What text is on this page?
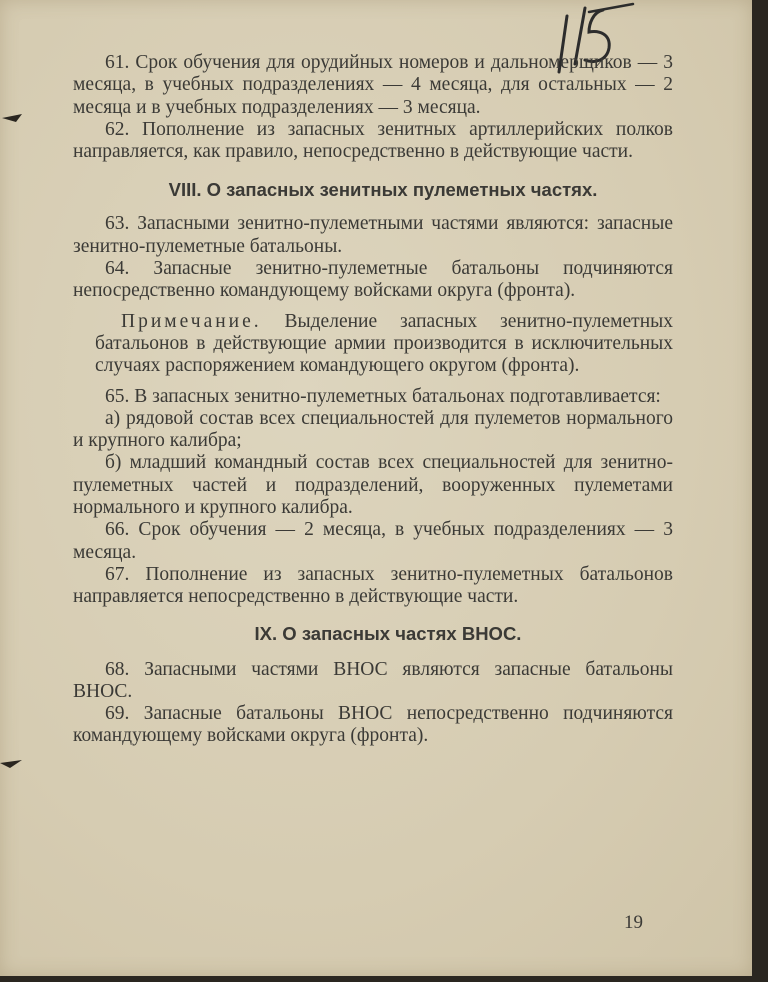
61. Срок обучения для орудийных номеров и дальномерщиков — 3 месяца, в учебных подразделениях — 4 месяца, для остальных — 2 месяца и в учебных подразделениях — 3 месяца.

62. Пополнение из запасных зенитных артиллерийских полков направляется, как правило, непосредственно в действующие части.

VIII. О запасных зенитных пулеметных частях.

63. Запасными зенитно-пулеметными частями являются: запасные зенитно-пулеметные батальоны.

64. Запасные зенитно-пулеметные батальоны подчиняются непосредственно командующему войсками округа (фронта).

Примечание. Выделение запасных зенитно-пулеметных батальонов в действующие армии производится в исключительных случаях распоряжением командующего округом (фронта).

65. В запасных зенитно-пулеметных батальонах подготавливается:

а) рядовой состав всех специальностей для пулеметов нормального и крупного калибра;

б) младший командный состав всех специальностей для зенитно-пулеметных частей и подразделений, вооруженных пулеметами нормального и крупного калибра.

66. Срок обучения — 2 месяца, в учебных подразделениях — 3 месяца.

67. Пополнение из запасных зенитно-пулеметных батальонов направляется непосредственно в действующие части.

IX. О запасных частях ВНОС.

68. Запасными частями ВНОС являются запасные батальоны ВНОС.

69. Запасные батальоны ВНОС непосредственно подчиняются командующему войсками округа (фронта).

19
